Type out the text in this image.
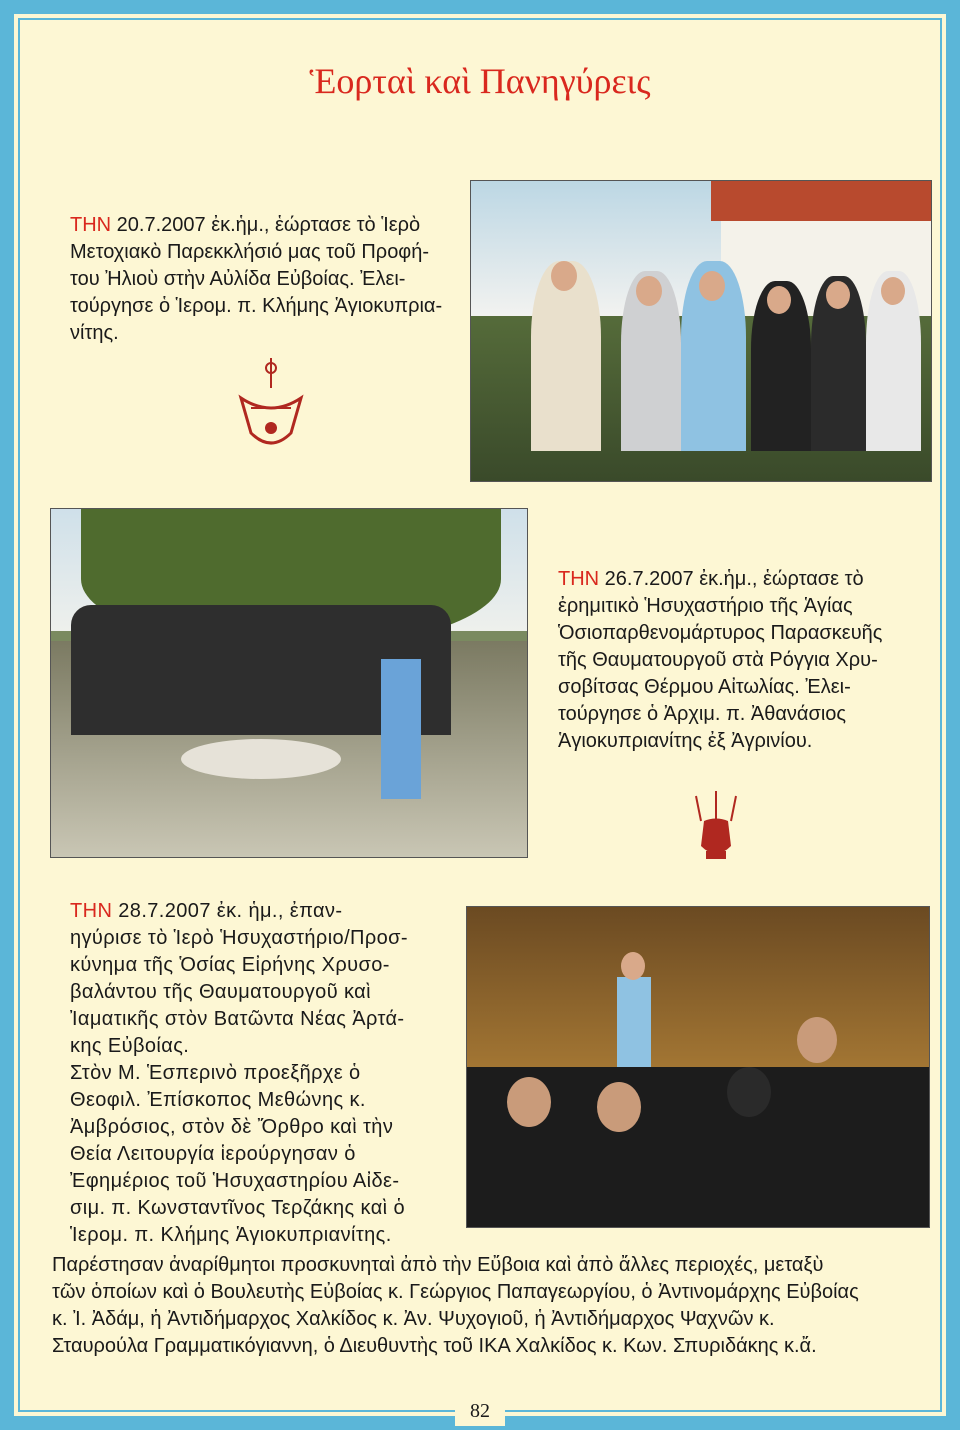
Ἑορταὶ καὶ Πανηγύρεις
ΤΗΝ 20.7.2007 ἐκ.ἡμ., ἑώρτασε τὸ Ἱερὸ
Μετοχιακὸ Παρεκκλήσιό μας τοῦ Προφή-
του Ἠλιοὺ στὴν Αὐλίδα Εὐβοίας. Ἐλει-
τούργησε ὁ Ἱερομ. π. Κλήμης Ἁγιοκυπρια-
νίτης.
ΤΗΝ 26.7.2007 ἐκ.ἡμ., ἑώρτασε τὸ
ἐρημιτικὸ Ἡσυχαστήριο τῆς Ἁγίας
Ὁσιοπαρθενομάρτυρος Παρασκευῆς
τῆς Θαυματουργοῦ στὰ Ρόγγια Χρυ-
σοβίτσας Θέρμου Αἰτωλίας. Ἐλει-
τούργησε ὁ Ἀρχιμ. π. Ἀθανάσιος
Ἁγιοκυπριανίτης ἐξ Ἀγρινίου.
ΤΗΝ 28.7.2007 ἐκ. ἡμ., ἐπαν-
ηγύρισε τὸ Ἱερὸ Ἡσυχαστήριο/Προσ-
κύνημα τῆς Ὁσίας Εἰρήνης Χρυσο-
βαλάντου τῆς Θαυματουργοῦ καὶ
Ἰαματικῆς στὸν Βατῶντα Νέας Ἀρτά-
κης Εὐβοίας.
Στὸν Μ. Ἑσπερινὸ προεξῆρχε ὁ
Θεοφιλ. Ἐπίσκοπος Μεθώνης κ.
Ἀμβρόσιος, στὸν δὲ Ὄρθρο καὶ τὴν
Θεία Λειτουργία ἱερούργησαν ὁ
Ἐφημέριος τοῦ Ἡσυχαστηρίου Αἰδε-
σιμ. π. Κωνσταντῖνος Τερζάκης καὶ ὁ
Ἱερομ. π. Κλήμης Ἁγιοκυπριανίτης.
Παρέστησαν ἀναρίθμητοι προσκυνηταὶ ἀπὸ τὴν Εὔβοια καὶ ἀπὸ ἄλλες περιοχές, μεταξὺ
τῶν ὁποίων καὶ ὁ Βουλευτὴς Εὐβοίας κ. Γεώργιος Παπαγεωργίου, ὁ Ἀντινομάρχης Εὐβοίας
κ. Ἰ. Ἀδάμ, ἡ Ἀντιδήμαρχος Χαλκίδος κ. Ἀν. Ψυχογιοῦ, ἡ Ἀντιδήμαρχος Ψαχνῶν κ.
Σταυρούλα Γραμματικόγιαννη, ὁ Διευθυντὴς τοῦ ΙΚΑ Χαλκίδος κ. Κων. Σπυριδάκης κ.ἄ.
82
